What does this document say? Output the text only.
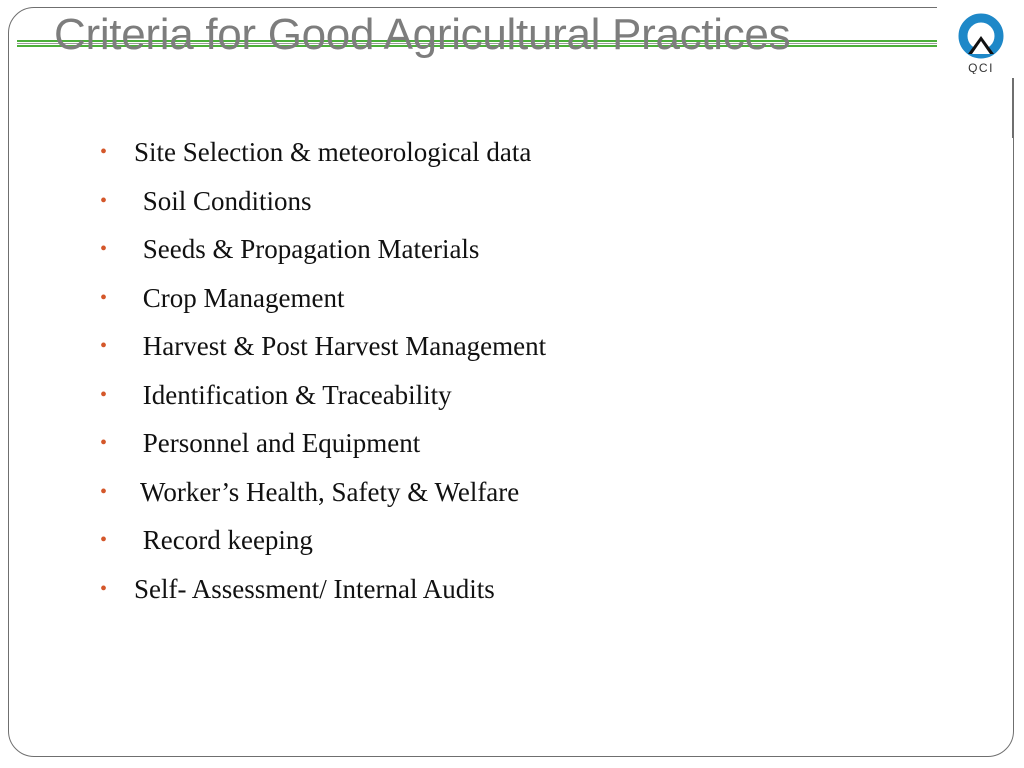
Criteria for Good Agricultural Practices
QCI
• Site Selection & meteorological data
• Soil Conditions
• Seeds & Propagation Materials
• Crop Management
• Harvest & Post Harvest Management
• Identification & Traceability
• Personnel and Equipment
• Worker’s Health, Safety & Welfare
• Record keeping
• Self- Assessment/ Internal Audits
